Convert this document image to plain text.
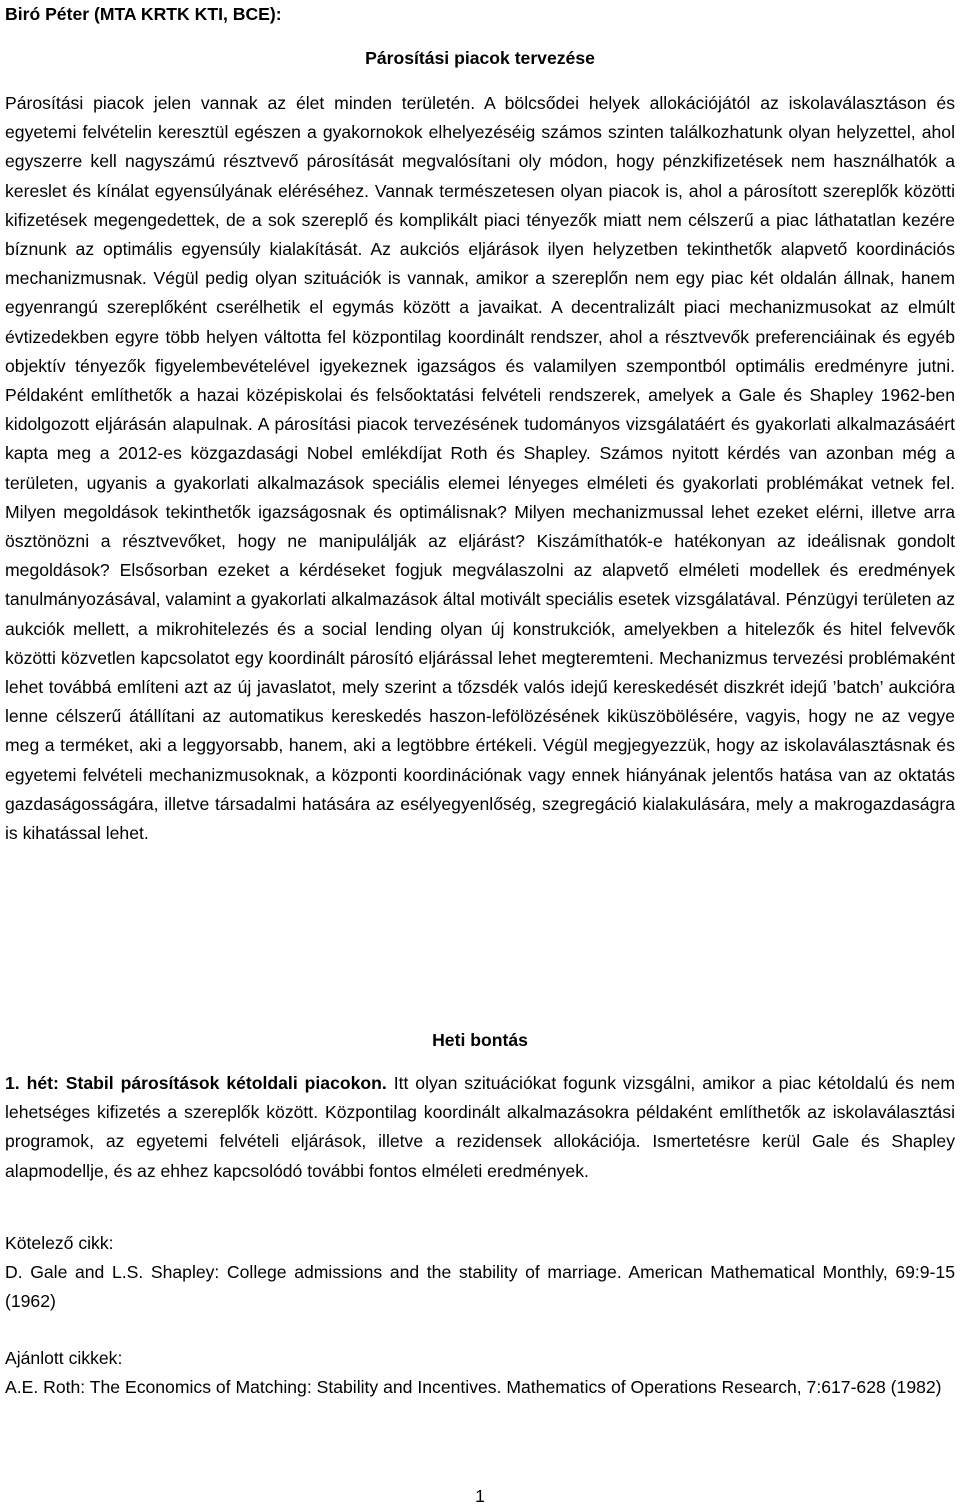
Biró Péter (MTA KRTK KTI, BCE):
Párosítási piacok tervezése
Párosítási piacok jelen vannak az élet minden területén. A bölcsődei helyek allokációjától az iskolaválasztáson és egyetemi felvételin keresztül egészen a gyakornokok elhelyezéséig számos szinten találkozhatunk olyan helyzettel, ahol egyszerre kell nagyszámú résztvevő párosítását megvalósítani oly módon, hogy pénzkifizetések nem használhatók a kereslet és kínálat egyensúlyának eléréséhez. Vannak természetesen olyan piacok is, ahol a párosított szereplők közötti kifizetések megengedettek, de a sok szereplő és komplikált piaci tényezők miatt nem célszerű a piac láthatatlan kezére bíznunk az optimális egyensúly kialakítását. Az aukciós eljárások ilyen helyzetben tekinthetők alapvető koordinációs mechanizmusnak. Végül pedig olyan szituációk is vannak, amikor a szereplőn nem egy piac két oldalán állnak, hanem egyenrangú szereplőként cserélhetik el egymás között a javaikat. A decentralizált piaci mechanizmusokat az elmúlt évtizedekben egyre több helyen váltotta fel központilag koordinált rendszer, ahol a résztvevők preferenciáinak és egyéb objektív tényezők figyelembevételével igyekeznek igazságos és valamilyen szempontból optimális eredményre jutni. Példaként említhetők a hazai középiskolai és felsőoktatási felvételi rendszerek, amelyek a Gale és Shapley 1962-ben kidolgozott eljárásán alapulnak. A párosítási piacok tervezésének tudományos vizsgálatáért és gyakorlati alkalmazásáért kapta meg a 2012-es közgazdasági Nobel emlékdíjat Roth és Shapley. Számos nyitott kérdés van azonban még a területen, ugyanis a gyakorlati alkalmazások speciális elemei lényeges elméleti és gyakorlati problémákat vetnek fel. Milyen megoldások tekinthetők igazságosnak és optimálisnak? Milyen mechanizmussal lehet ezeket elérni, illetve arra ösztönözni a résztvevőket, hogy ne manipulálják az eljárást? Kiszámíthatók-e hatékonyan az ideálisnak gondolt megoldások? Elsősorban ezeket a kérdéseket fogjuk megválaszolni az alapvető elméleti modellek és eredmények tanulmányozásával, valamint a gyakorlati alkalmazások által motivált speciális esetek vizsgálatával. Pénzügyi területen az aukciók mellett, a mikrohitelezés és a social lending olyan új konstrukciók, amelyekben a hitelezők és hitel felvevők közötti közvetlen kapcsolatot egy koordinált párosító eljárással lehet megteremteni. Mechanizmus tervezési problémaként lehet továbbá említeni azt az új javaslatot, mely szerint a tőzsdék valós idejű kereskedését diszkrét idejű ’batch’ aukcióra lenne célszerű átállítani az automatikus kereskedés haszon-lefölözésének kiküszöbölésére, vagyis, hogy ne az vegye meg a terméket, aki a leggyorsabb, hanem, aki a legtöbbre értékeli. Végül megjegyezzük, hogy az iskolaválasztásnak és egyetemi felvételi mechanizmusoknak, a központi koordinációnak vagy ennek hiányának jelentős hatása van az oktatás gazdaságosságára, illetve társadalmi hatására az esélyegyenlőség, szegregáció kialakulására, mely a makrogazdaságra is kihatással lehet.
Heti bontás
1. hét: Stabil párosítások kétoldali piacokon. Itt olyan szituációkat fogunk vizsgálni, amikor a piac kétoldalú és nem lehetséges kifizetés a szereplők között. Központilag koordinált alkalmazásokra példaként említhetők az iskolaválasztási programok, az egyetemi felvételi eljárások, illetve a rezidensek allokációja. Ismertetésre kerül Gale és Shapley alapmodellje, és az ehhez kapcsolódó további fontos elméleti eredmények.
Kötelező cikk:
D. Gale and L.S. Shapley: College admissions and the stability of marriage. American Mathematical Monthly, 69:9-15 (1962)
Ajánlott cikkek:
A.E. Roth: The Economics of Matching: Stability and Incentives. Mathematics of Operations Research, 7:617-628 (1982)
1
